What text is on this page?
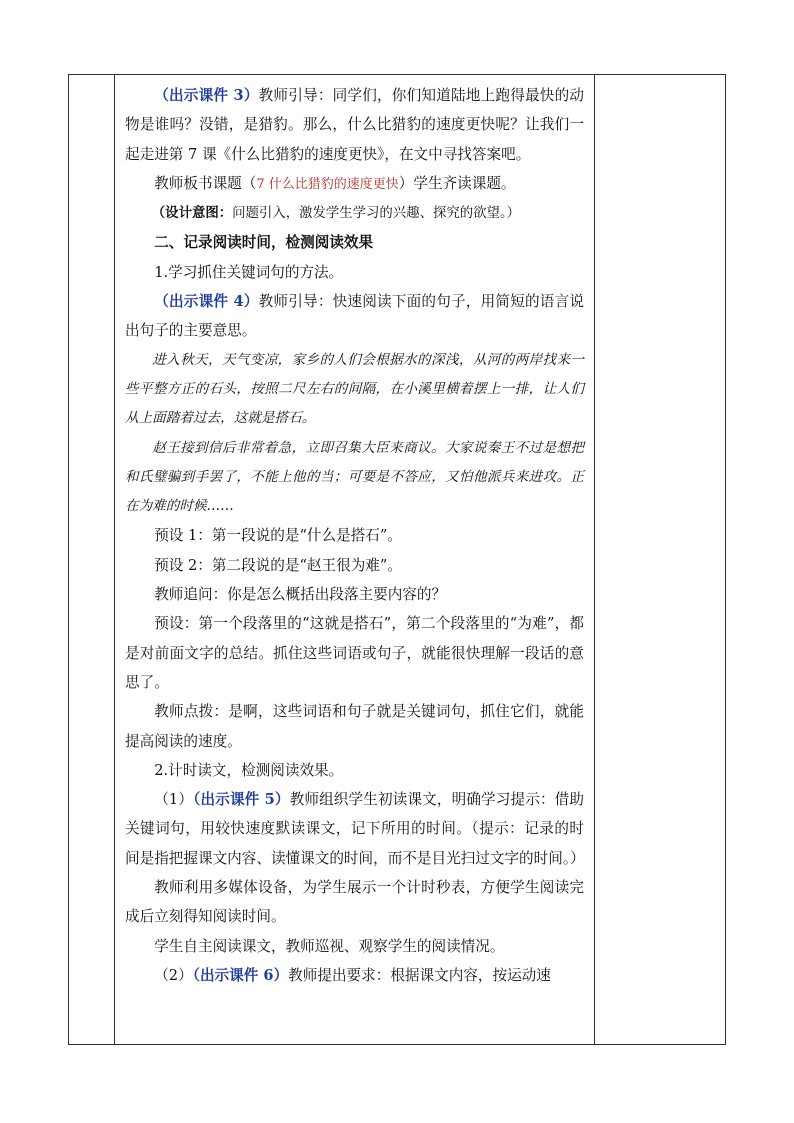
（出示课件 3）教师引导：同学们，你们知道陆地上跑得最快的动物是谁吗？没错，是猎豹。那么，什么比猎豹的速度更快呢？让我们一起走进第 7 课《什么比猎豹的速度更快》，在文中寻找答案吧。

教师板书课题（7 什么比猎豹的速度更快）学生齐读课题。

（设计意图：问题引入，激发学生学习的兴趣、探究的欲望。）

二、记录阅读时间，检测阅读效果

1.学习抓住关键词句的方法。

（出示课件 4）教师引导：快速阅读下面的句子，用简短的语言说出句子的主要意思。

进入秋天，天气变凉，家乡的人们会根据水的深浅，从河的两岸找来一些平整方正的石头，按照二尺左右的间隔，在小溪里横着摆上一排，让人们从上面踏着过去，这就是搭石。

赵王接到信后非常着急，立即召集大臣来商议。大家说秦王不过是想把和氏璧骗到手罢了，不能上他的当；可要是不答应，又怕他派兵来进攻。正在为难的时候……

预设 1：第一段说的是“什么是搭石”。

预设 2：第二段说的是“赵王很为难”。

教师追问：你是怎么概括出段落主要内容的？

预设：第一个段落里的“这就是搭石”，第二个段落里的“为难”，都是对前面文字的总结。抓住这些词语或句子，就能很快理解一段话的意思了。

教师点拨：是啊，这些词语和句子就是关键词句，抓住它们，就能提高阅读的速度。

2.计时读文，检测阅读效果。

（1）（出示课件 5）教师组织学生初读课文，明确学习提示：借助关键词句，用较快速度默读课文，记下所用的时间。（提示：记录的时间是指把握课文内容、读懂课文的时间，而不是目光扫过文字的时间。）

教师利用多媒体设备，为学生展示一个计时秒表，方便学生阅读完成后立刻得知阅读时间。

学生自主阅读课文，教师巡视、观察学生的阅读情况。

（2）（出示课件 6）教师提出要求：根据课文内容，按运动速
